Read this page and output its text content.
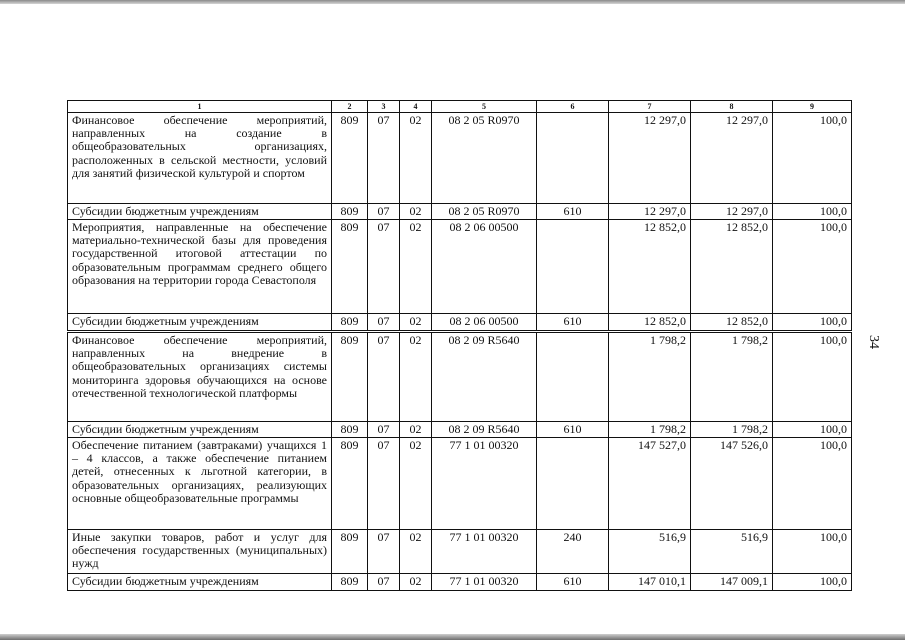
1	2	3	4	5	6	7	8	9
Финансовое обеспечение мероприятий, направленных на создание в общеобразовательных организациях, расположенных в сельской местности, условий для занятий физической культурой и спортом	809	07	02	08 2 05 R0970		12 297,0	12 297,0	100,0
Субсидии бюджетным учреждениям	809	07	02	08 2 05 R0970	610	12 297,0	12 297,0	100,0
Мероприятия, направленные на обеспечение материально-технической базы для проведения государственной итоговой аттестации по образовательным программам среднего общего образования на территории города Севастополя	809	07	02	08 2 06 00500		12 852,0	12 852,0	100,0
Субсидии бюджетным учреждениям	809	07	02	08 2 06 00500	610	12 852,0	12 852,0	100,0
Финансовое обеспечение мероприятий, направленных на внедрение в общеобразовательных организациях системы мониторинга здоровья обучающихся на основе отечественной технологической платформы	809	07	02	08 2 09 R5640		1 798,2	1 798,2	100,0
Субсидии бюджетным учреждениям	809	07	02	08 2 09 R5640	610	1 798,2	1 798,2	100,0
Обеспечение питанием (завтраками) учащихся 1 – 4 классов, а также обеспечение питанием детей, отнесенных к льготной категории, в образовательных организациях, реализующих основные общеобразовательные программы	809	07	02	77 1 01 00320		147 527,0	147 526,0	100,0
Иные закупки товаров, работ и услуг для обеспечения государственных (муниципальных) нужд	809	07	02	77 1 01 00320	240	516,9	516,9	100,0
Субсидии бюджетным учреждениям	809	07	02	77 1 01 00320	610	147 010,1	147 009,1	100,0
34
